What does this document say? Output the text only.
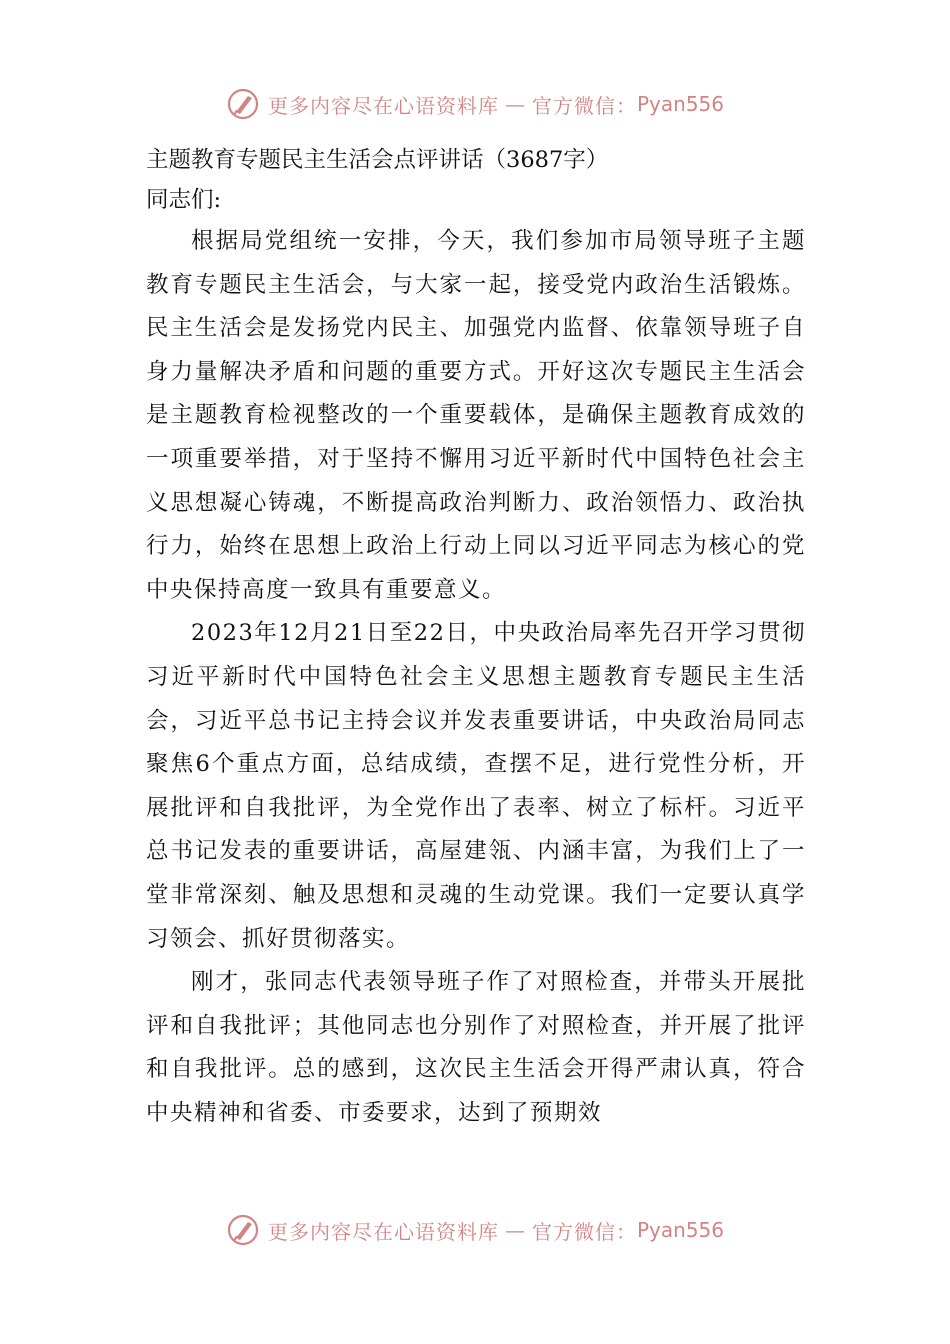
更多内容尽在心语资料库 — 官方微信： Pyan556
主题教育专题民主生活会点评讲话（3687字）

同志们:

根据局党组统一安排，今天，我们参加市局领导班子主题教育专题民主生活会，与大家一起，接受党内政治生活锻炼。民主生活会是发扬党内民主、加强党内监督、依靠领导班子自身力量解决矛盾和问题的重要方式。开好这次专题民主生活会是主题教育检视整改的一个重要载体，是确保主题教育成效的一项重要举措，对于坚持不懈用习近平新时代中国特色社会主义思想凝心铸魂，不断提高政治判断力、政治领悟力、政治执行力，始终在思想上政治上行动上同以习近平同志为核心的党中央保持高度一致具有重要意义。

2023年12月21日至22日，中央政治局率先召开学习贯彻习近平新时代中国特色社会主义思想主题教育专题民主生活会，习近平总书记主持会议并发表重要讲话，中央政治局同志聚焦6个重点方面，总结成绩，查摆不足，进行党性分析，开展批评和自我批评，为全党作出了表率、树立了标杆。习近平总书记发表的重要讲话，高屋建瓴、内涵丰富，为我们上了一堂非常深刻、触及思想和灵魂的生动党课。我们一定要认真学习领会、抓好贯彻落实。

刚才，张同志代表领导班子作了对照检查，并带头开展批评和自我批评；其他同志也分别作了对照检查，并开展了批评和自我批评。总的感到，这次民主生活会开得严肃认真，符合中央精神和省委、市委要求，达到了预期效

更多内容尽在心语资料库 — 官方微信： Pyan556
